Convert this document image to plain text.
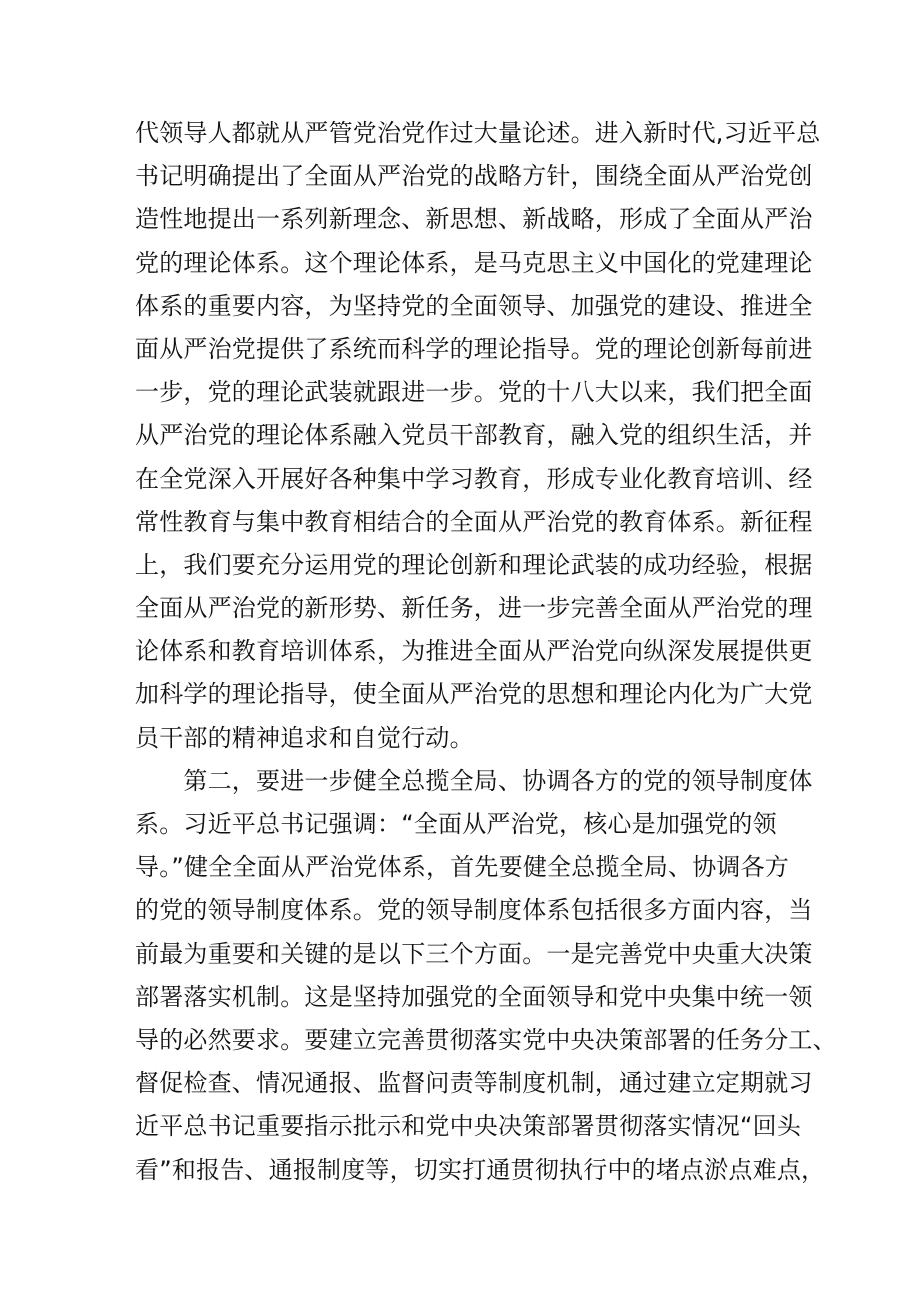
代领导人都就从严管党治党作过大量论述。进入新时代,习近平总
书记明确提出了全面从严治党的战略方针，围绕全面从严治党创
造性地提出一系列新理念、新思想、新战略，形成了全面从严治
党的理论体系。这个理论体系，是马克思主义中国化的党建理论
体系的重要内容，为坚持党的全面领导、加强党的建设、推进全
面从严治党提供了系统而科学的理论指导。党的理论创新每前进
一步，党的理论武装就跟进一步。党的十八大以来，我们把全面
从严治党的理论体系融入党员干部教育，融入党的组织生活，并
在全党深入开展好各种集中学习教育，形成专业化教育培训、经
常性教育与集中教育相结合的全面从严治党的教育体系。新征程
上，我们要充分运用党的理论创新和理论武装的成功经验，根据
全面从严治党的新形势、新任务，进一步完善全面从严治党的理
论体系和教育培训体系，为推进全面从严治党向纵深发展提供更
加科学的理论指导，使全面从严治党的思想和理论内化为广大党
员干部的精神追求和自觉行动。
　　第二，要进一步健全总揽全局、协调各方的党的领导制度体
系。习近平总书记强调：“全面从严治党，核心是加强党的领
导。”健全全面从严治党体系，首先要健全总揽全局、协调各方
的党的领导制度体系。党的领导制度体系包括很多方面内容，当
前最为重要和关键的是以下三个方面。一是完善党中央重大决策
部署落实机制。这是坚持加强党的全面领导和党中央集中统一领
导的必然要求。要建立完善贯彻落实党中央决策部署的任务分工、
督促检查、情况通报、监督问责等制度机制，通过建立定期就习
近平总书记重要指示批示和党中央决策部署贯彻落实情况“回头
看”和报告、通报制度等，切实打通贯彻执行中的堵点淤点难点，
